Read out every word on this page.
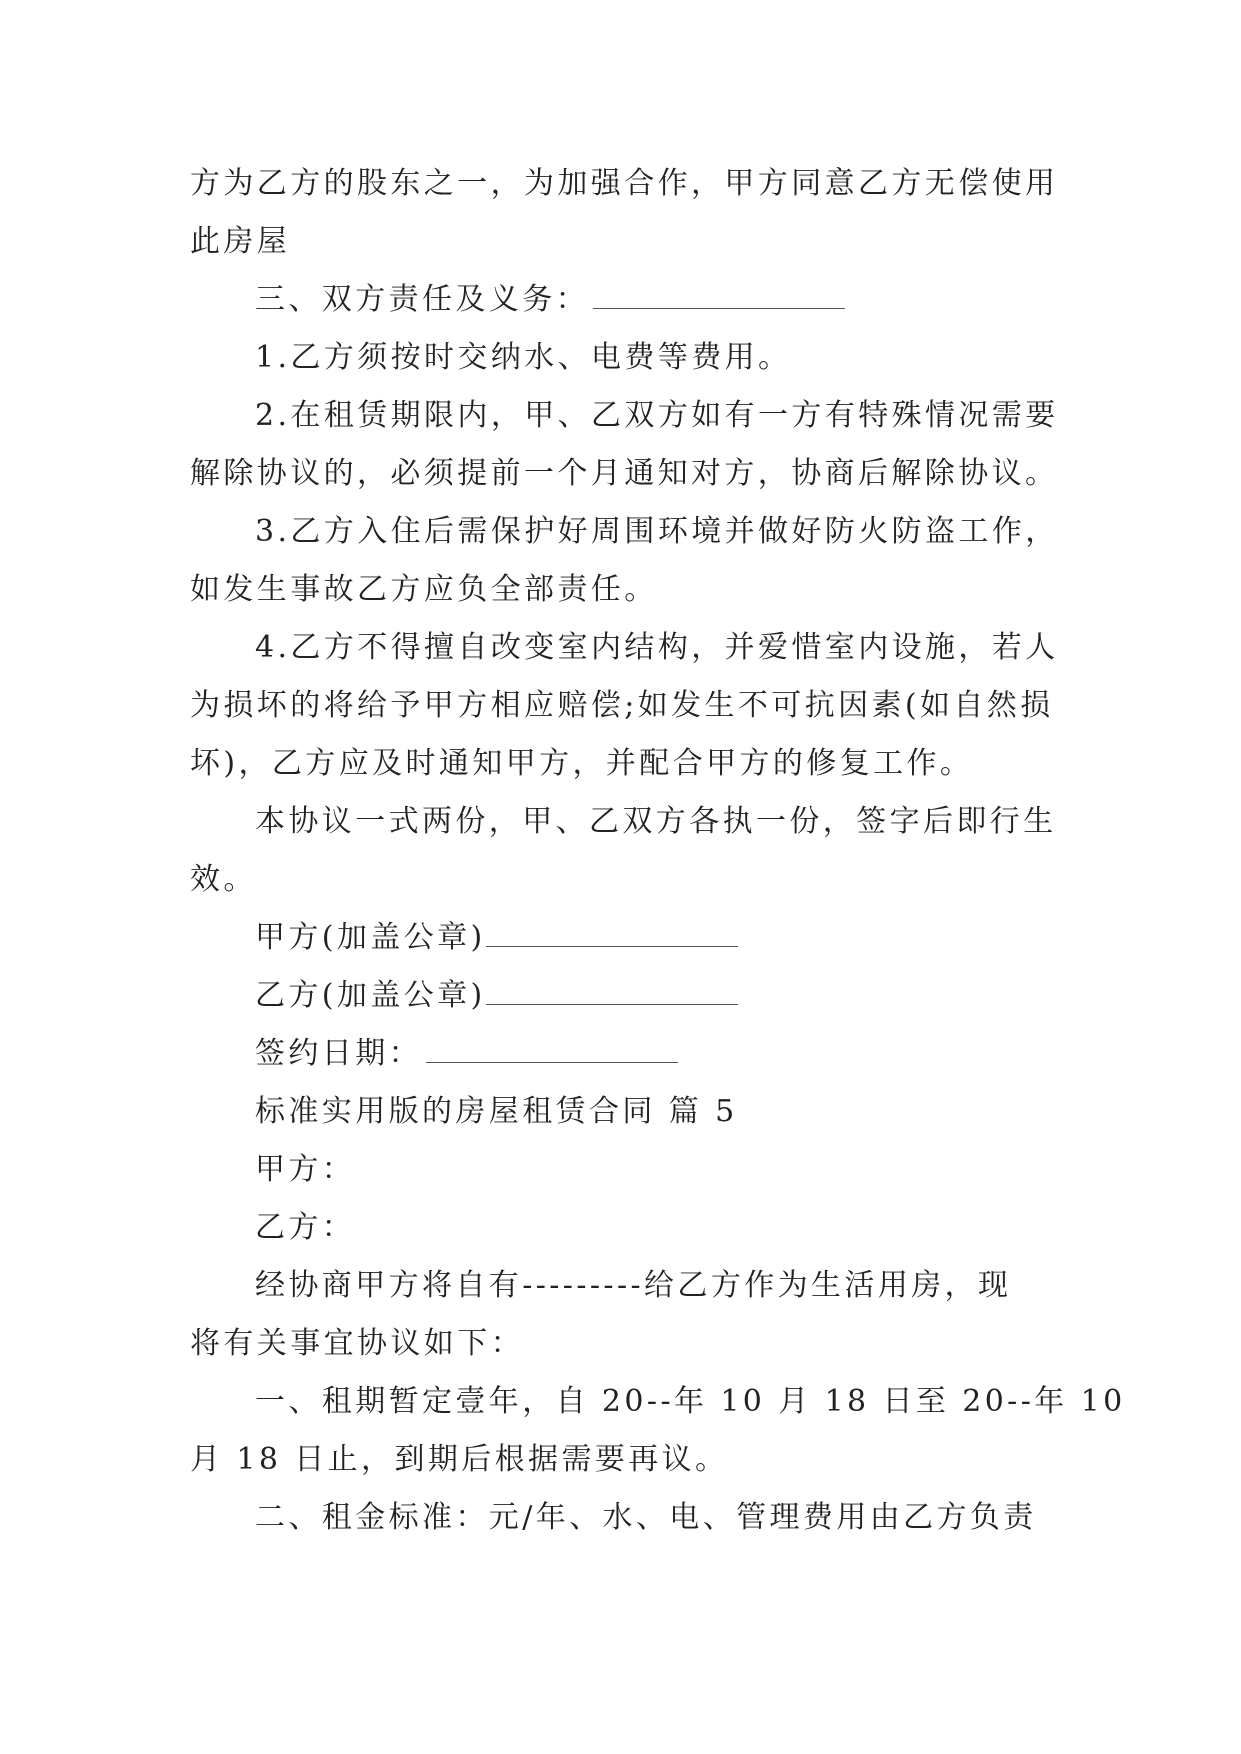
方为乙方的股东之一，为加强合作，甲方同意乙方无偿使用
此房屋
三、双方责任及义务：
1.乙方须按时交纳水、电费等费用。
2.在租赁期限内，甲、乙双方如有一方有特殊情况需要
解除协议的，必须提前一个月通知对方，协商后解除协议。
3.乙方入住后需保护好周围环境并做好防火防盗工作，
如发生事故乙方应负全部责任。
4.乙方不得擅自改变室内结构，并爱惜室内设施，若人
为损坏的将给予甲方相应赔偿;如发生不可抗因素(如自然损
坏)，乙方应及时通知甲方，并配合甲方的修复工作。
本协议一式两份，甲、乙双方各执一份，签字后即行生
效。
甲方(加盖公章)
乙方(加盖公章)
签约日期：
标准实用版的房屋租赁合同 篇 5
甲方：
乙方：
经协商甲方将自有---------给乙方作为生活用房，现
将有关事宜协议如下：
一、租期暂定壹年，自 20--年 10 月 18 日至 20--年 10
月 18 日止，到期后根据需要再议。
二、租金标准：元/年、水、电、管理费用由乙方负责
